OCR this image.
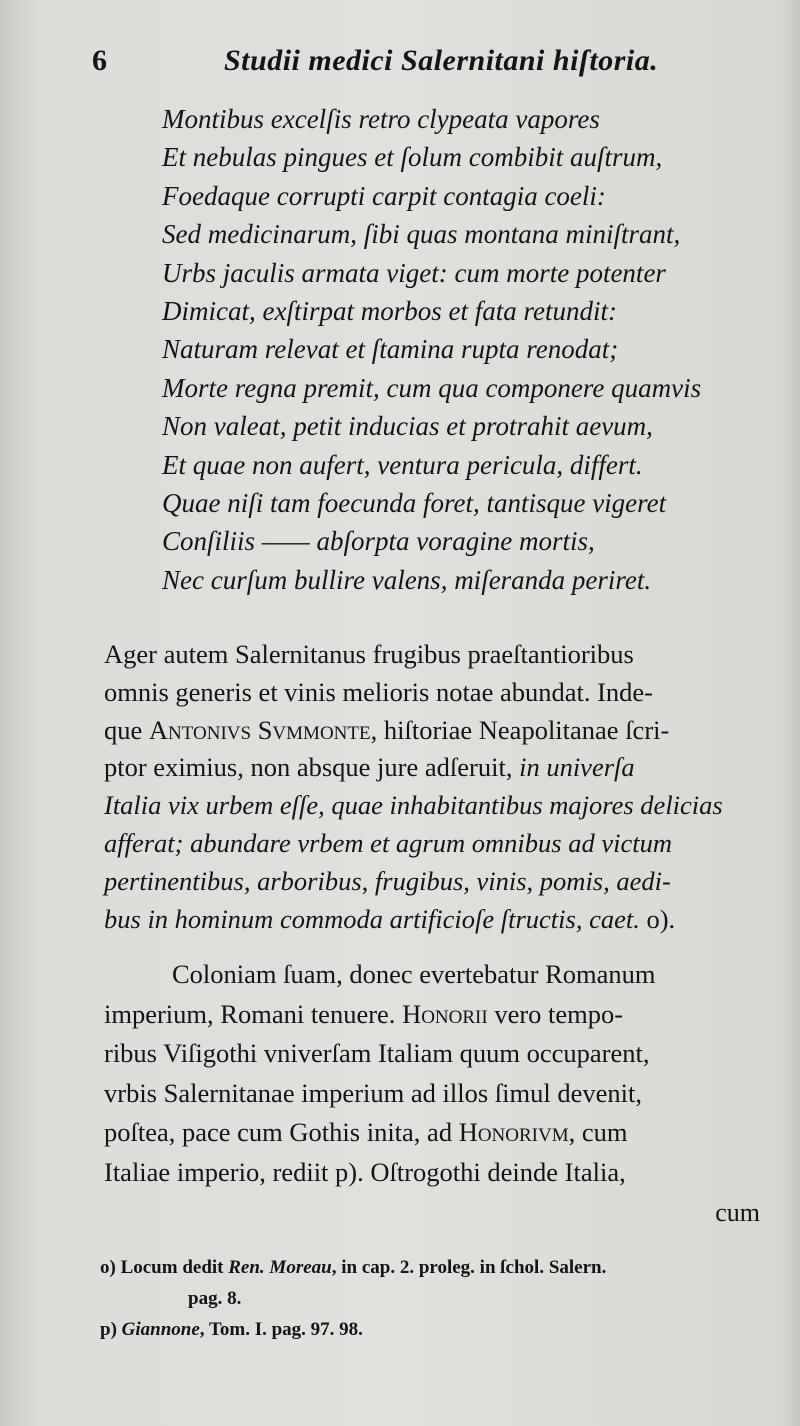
6	Studii medici Salernitani hiſtoria.
Montibus excelſis retro clypeata vapores
Et nebulas pingues et ſolum combibit auſtrum,
Foedaque corrupti carpit contagia coeli:
Sed medicinarum, ſibi quas montana miniſtrant,
Urbs jaculis armata viget: cum morte potenter
Dimicat, exſtirpat morbos et fata retundit:
Naturam relevat et ſtamina rupta renodat;
Morte regna premit, cum qua componere quamvis
Non valeat, petit inducias et protrahit aevum,
Et quae non aufert, ventura pericula, differt.
Quae niſi tam foecunda foret, tantisque vigeret
Conſiliis —— abſorpta voragine mortis,
Nec curſum bullire valens, miſeranda periret.
Ager autem Salernitanus frugibus praeſtantioribus
omnis generis et vinis melioris notae abundat. Inde-
que Antonivs Svmmonte, hiſtoriae Neapolitanae ſcri-
ptor eximius, non absque jure adſeruit, in univerſa
Italia vix urbem eſſe, quae inhabitantibus majores delicias
afferat; abundare vrbem et agrum omnibus ad victum
pertinentibus, arboribus, frugibus, vinis, pomis, aedi-
bus in hominum commoda artificioſe ſtructis, caet. o).
Coloniam ſuam, donec evertebatur Romanum
imperium, Romani tenuere. Honorii vero tempo-
ribus Viſigothi vniverſam Italiam quum occuparent,
vrbis Salernitanae imperium ad illos ſimul devenit,
poſtea, pace cum Gothis inita, ad Honorivm, cum
Italiae imperio, rediit p). Oſtrogothi deinde Italia,
cum
o) Locum dedit Ren. Moreau, in cap. 2. proleg. in ſchol. Salern.
pag. 8.
p) Giannone, Tom. I. pag. 97. 98.
